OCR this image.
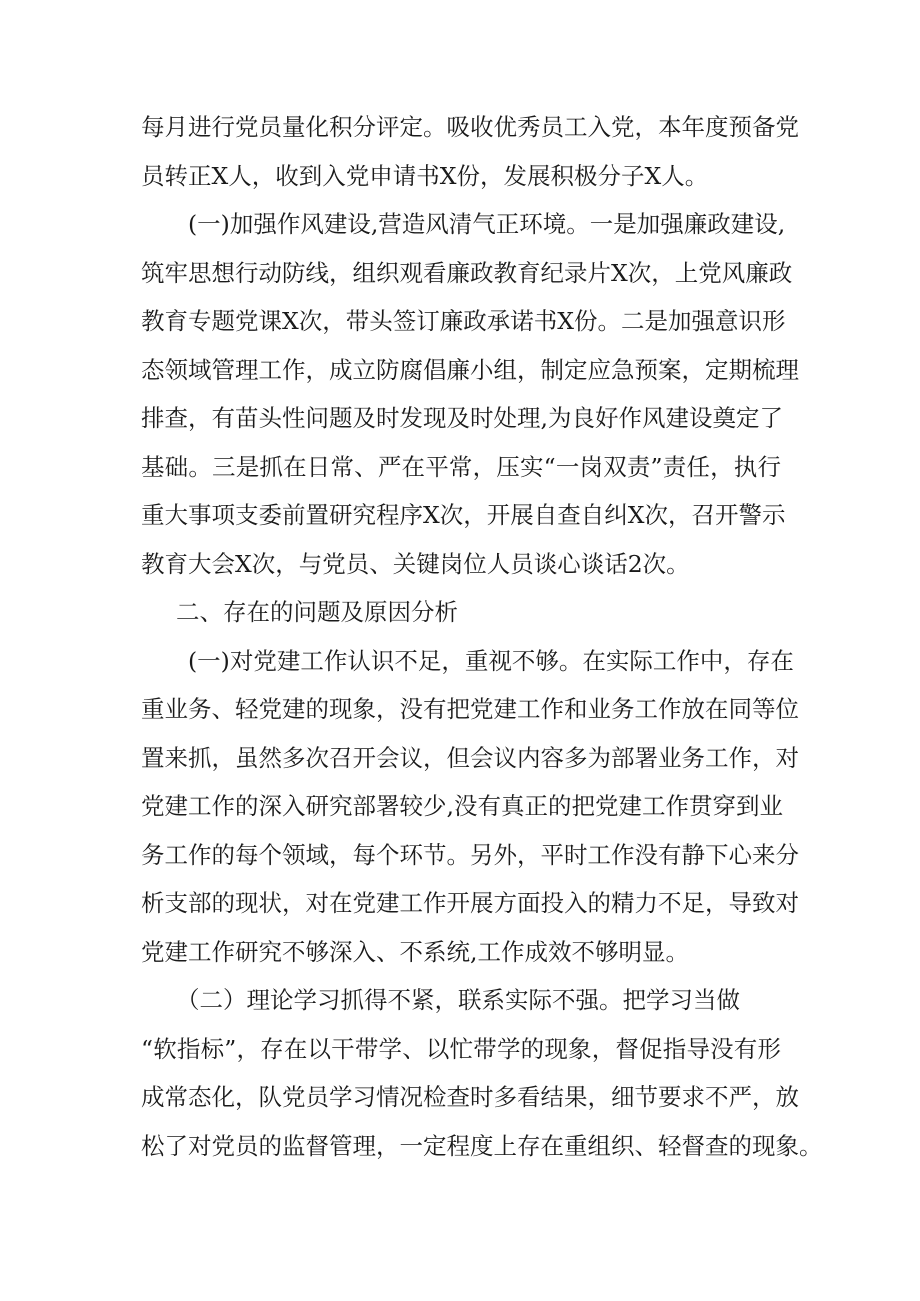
每月进行党员量化积分评定。吸收优秀员工入党，本年度预备党
员转正X人，收到入党申请书X份，发展积极分子X人。
(一)加强作风建设,营造风清气正环境。一是加强廉政建设,
筑牢思想行动防线，组织观看廉政教育纪录片X次，上党风廉政
教育专题党课X次，带头签订廉政承诺书X份。二是加强意识形
态领域管理工作，成立防腐倡廉小组，制定应急预案，定期梳理
排查，有苗头性问题及时发现及时处理,为良好作风建设奠定了
基础。三是抓在日常、严在平常，压实“一岗双责”责任，执行
重大事项支委前置研究程序X次，开展自查自纠X次，召开警示
教育大会X次，与党员、关键岗位人员谈心谈话2次。
二、存在的问题及原因分析
(一)对党建工作认识不足，重视不够。在实际工作中，存在
重业务、轻党建的现象，没有把党建工作和业务工作放在同等位
置来抓，虽然多次召开会议，但会议内容多为部署业务工作，对
党建工作的深入研究部署较少,没有真正的把党建工作贯穿到业
务工作的每个领域，每个环节。另外，平时工作没有静下心来分
析支部的现状，对在党建工作开展方面投入的精力不足，导致对
党建工作研究不够深入、不系统,工作成效不够明显。
（二）理论学习抓得不紧，联系实际不强。把学习当做
“软指标”，存在以干带学、以忙带学的现象，督促指导没有形
成常态化，队党员学习情况检查时多看结果，细节要求不严，放
松了对党员的监督管理，一定程度上存在重组织、轻督查的现象。
